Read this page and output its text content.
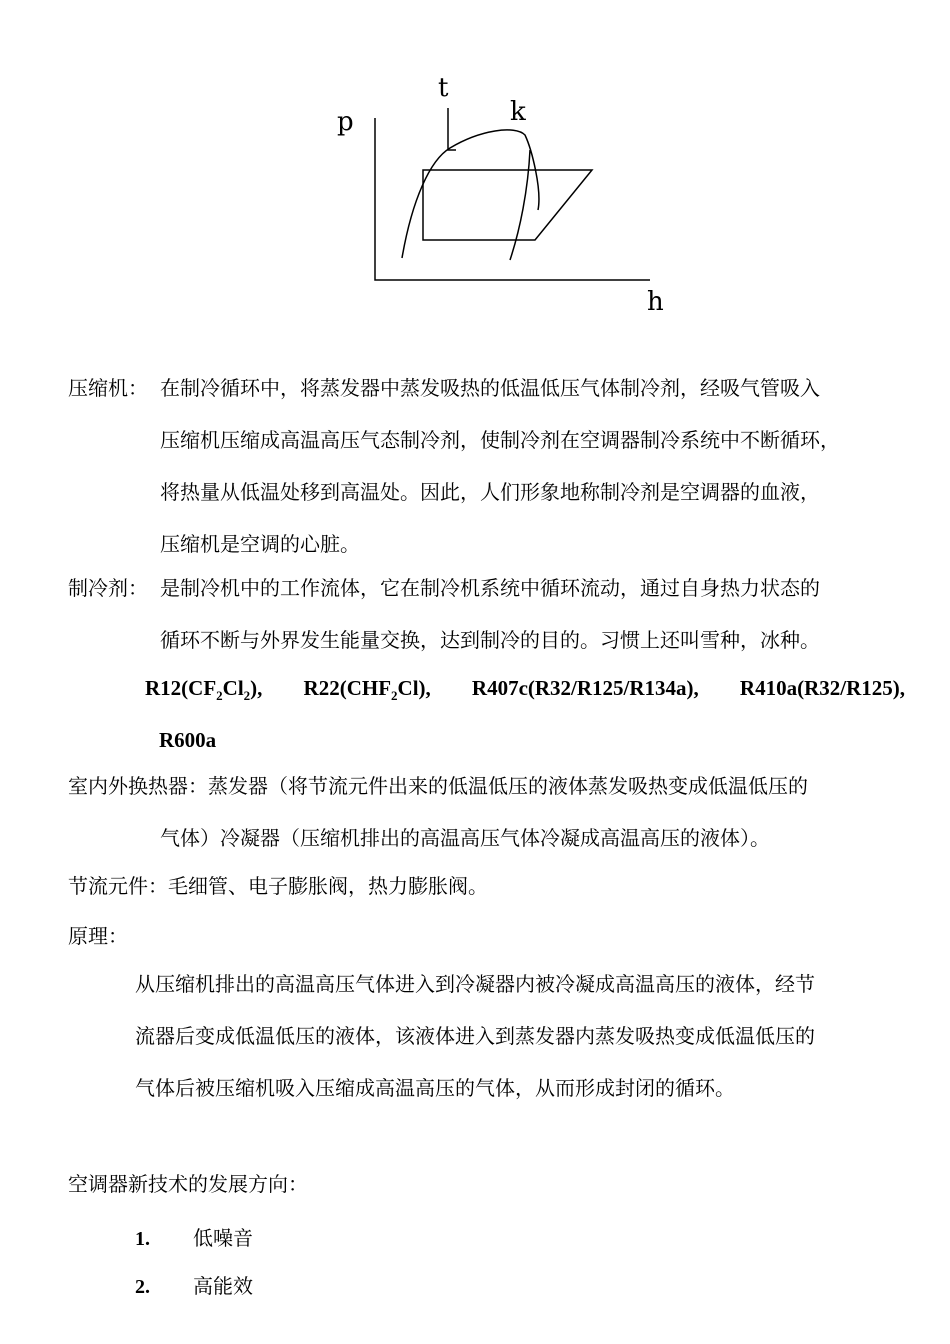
p
h
t
k
压缩机： 在制冷循环中，将蒸发器中蒸发吸热的低温低压气体制冷剂，经吸气管吸入
压缩机压缩成高温高压气态制冷剂，使制冷剂在空调器制冷系统中不断循环，
将热量从低温处移到高温处。因此，人们形象地称制冷剂是空调器的血液，
压缩机是空调的心脏。
制冷剂： 是制冷机中的工作流体，它在制冷机系统中循环流动，通过自身热力状态的
循环不断与外界发生能量交换，达到制冷的目的。习惯上还叫雪种，冰种。
$R12(CF_2Cl_2)$, $R22(CHF_2Cl)$, R407c(R32/R125/R134a), R410a(R32/R125),
R600a
室内外换热器：蒸发器（将节流元件出来的低温低压的液体蒸发吸热变成低温低压的
气体）冷凝器（压缩机排出的高温高压气体冷凝成高温高压的液体）。

节流元件：毛细管、电子膨胀阀，热力膨胀阀。

原理：

从压缩机排出的高温高压气体进入到冷凝器内被冷凝成高温高压的液体，经节
流器后变成低温低压的液体，该液体进入到蒸发器内蒸发吸热变成低温低压的
气体后被压缩机吸入压缩成高温高压的气体，从而形成封闭的循环。

空调器新技术的发展方向：

1. 低噪音
2. 高能效
